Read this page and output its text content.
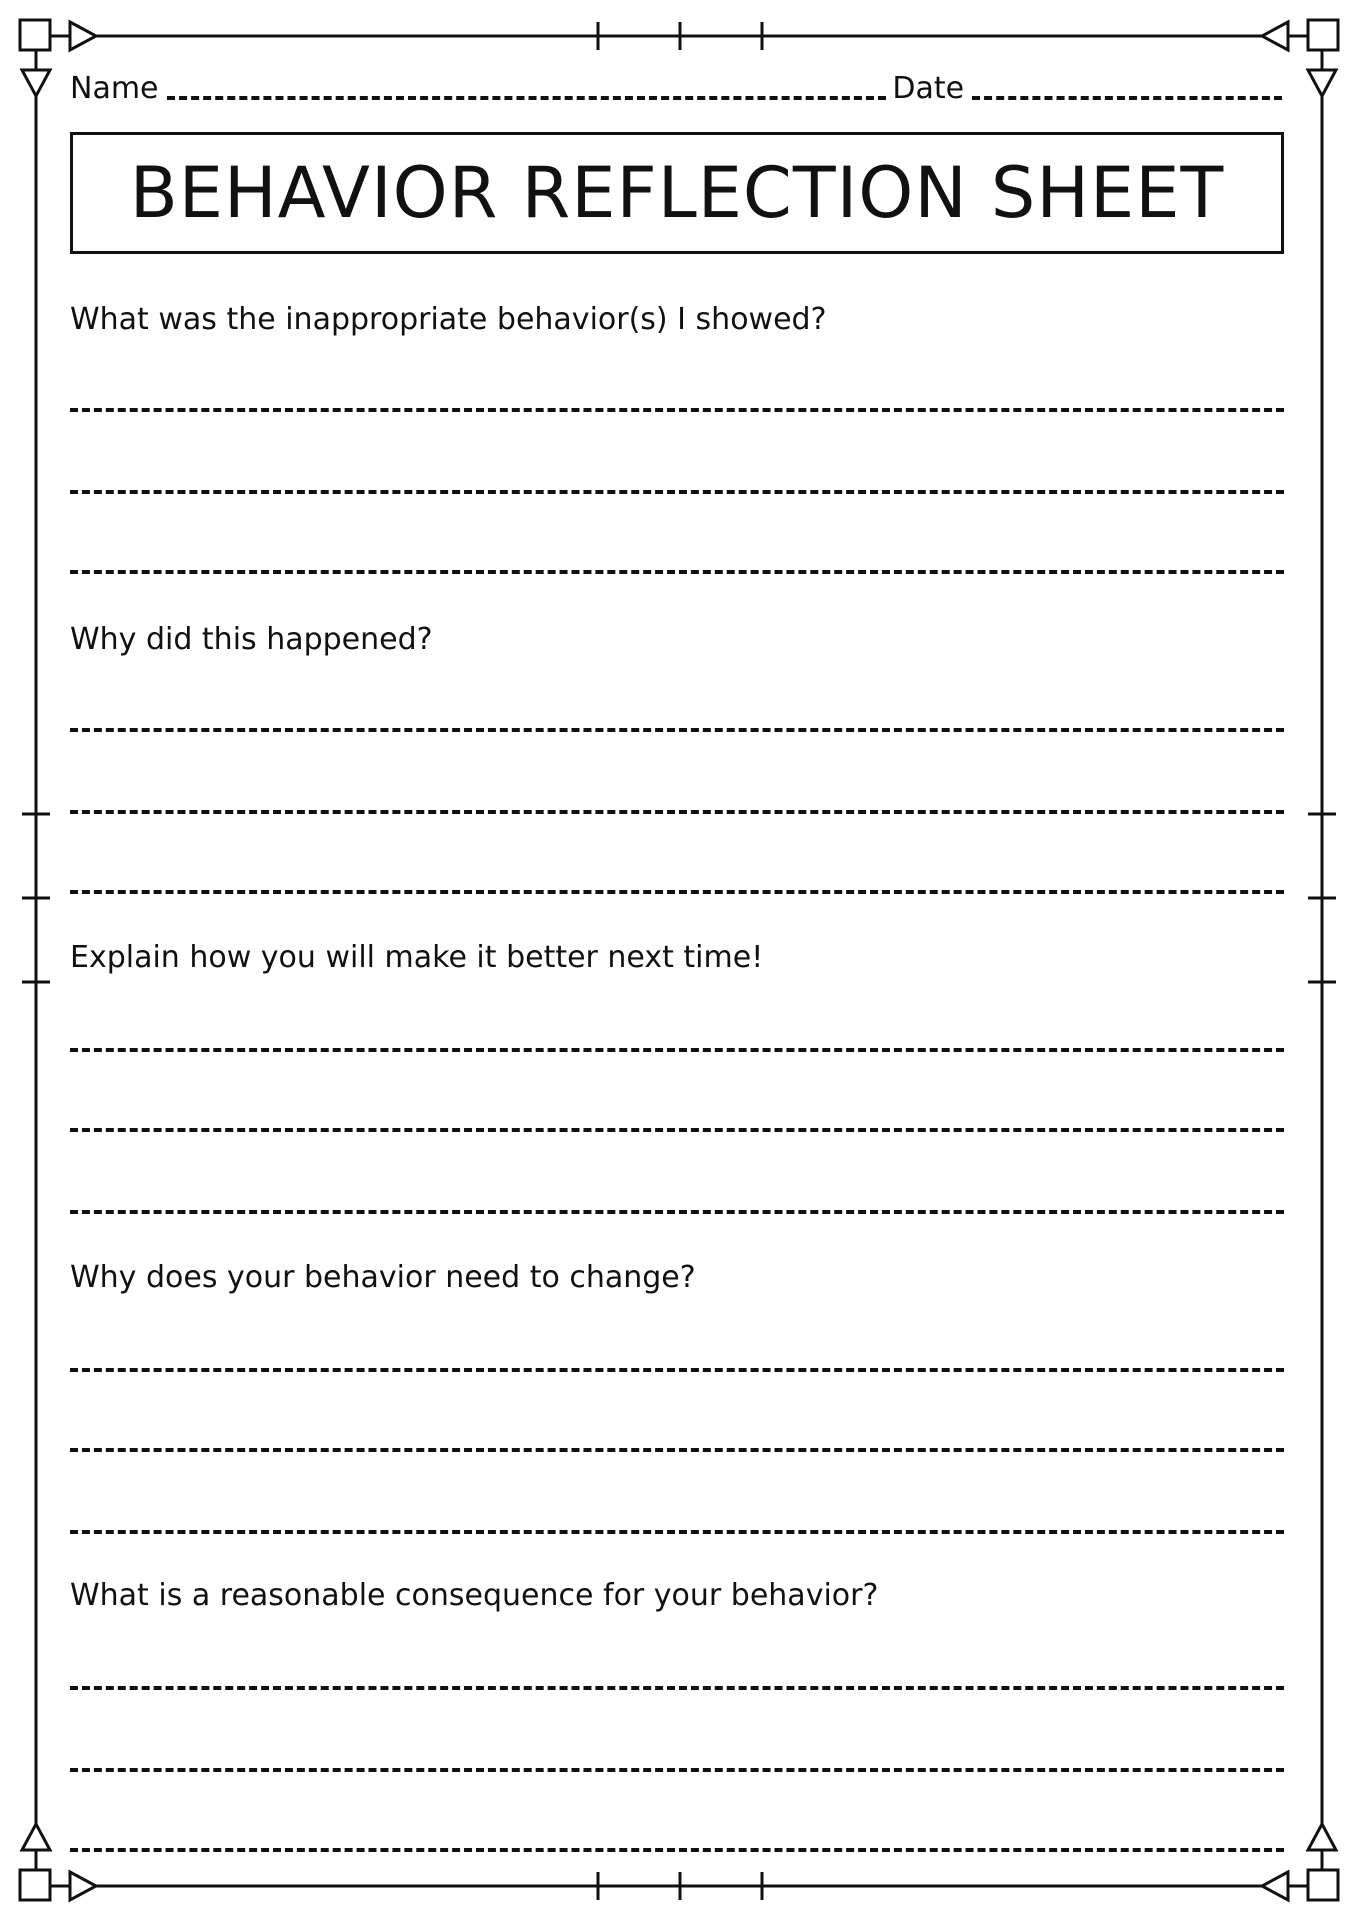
Name	Date
BEHAVIOR REFLECTION SHEET
What was the inappropriate behavior(s) I showed?
Why did this happened?
Explain how you will make it better next time!
Why does your behavior need to change?
What is a reasonable consequence for your behavior?
